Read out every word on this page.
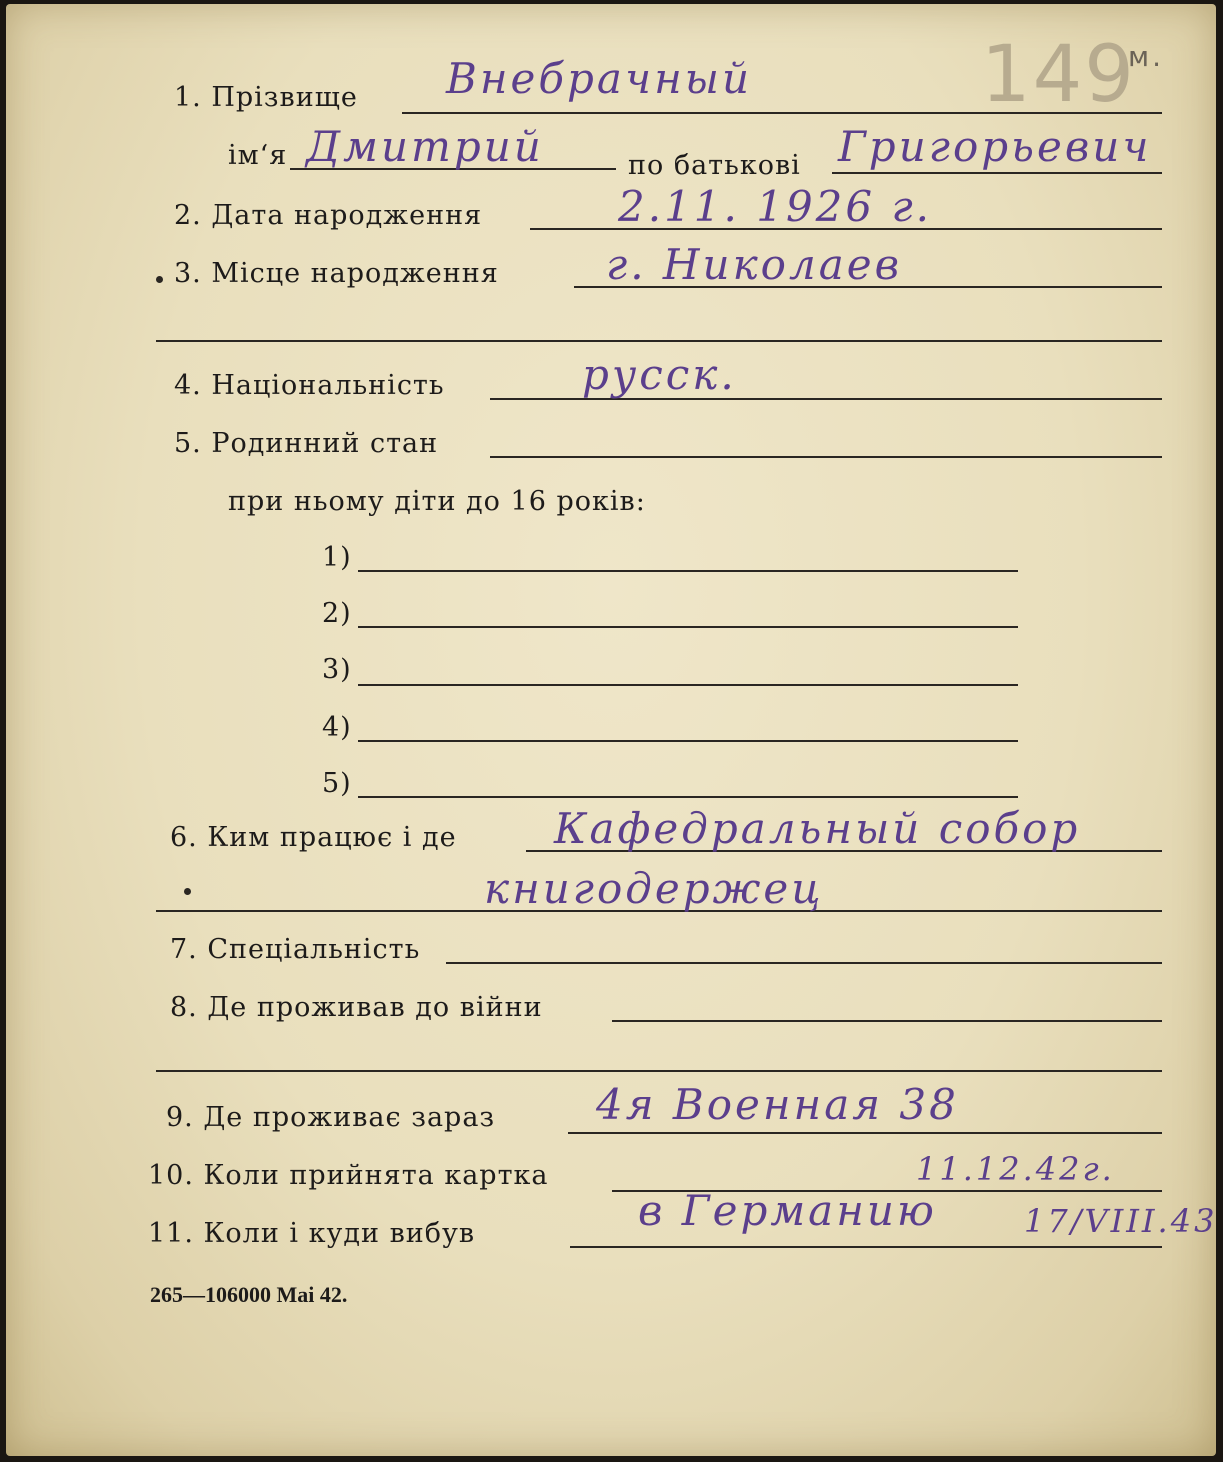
149
м.
1. Прізвище Внебрачный
ім‘я Дмитрий	по батькові Григорьевич
2. Дата народження	2.11. 1926 г.
3. Місце народження	г. Николаев
4. Національність	русск.
5. Родинний стан
при ньому діти до 16 років:
1)
2)
3)
4)
5)
6. Ким працює і де Кафедральный собор
книгодержец
7. Спеціальність
8. Де проживав до війни
9. Де проживає зараз 4я Военная 38
10. Коли прийнята картка	11.12.42г.
11. Коли і куди вибув	в Германию	17/VIII.43
265—106000 Mai 42.
